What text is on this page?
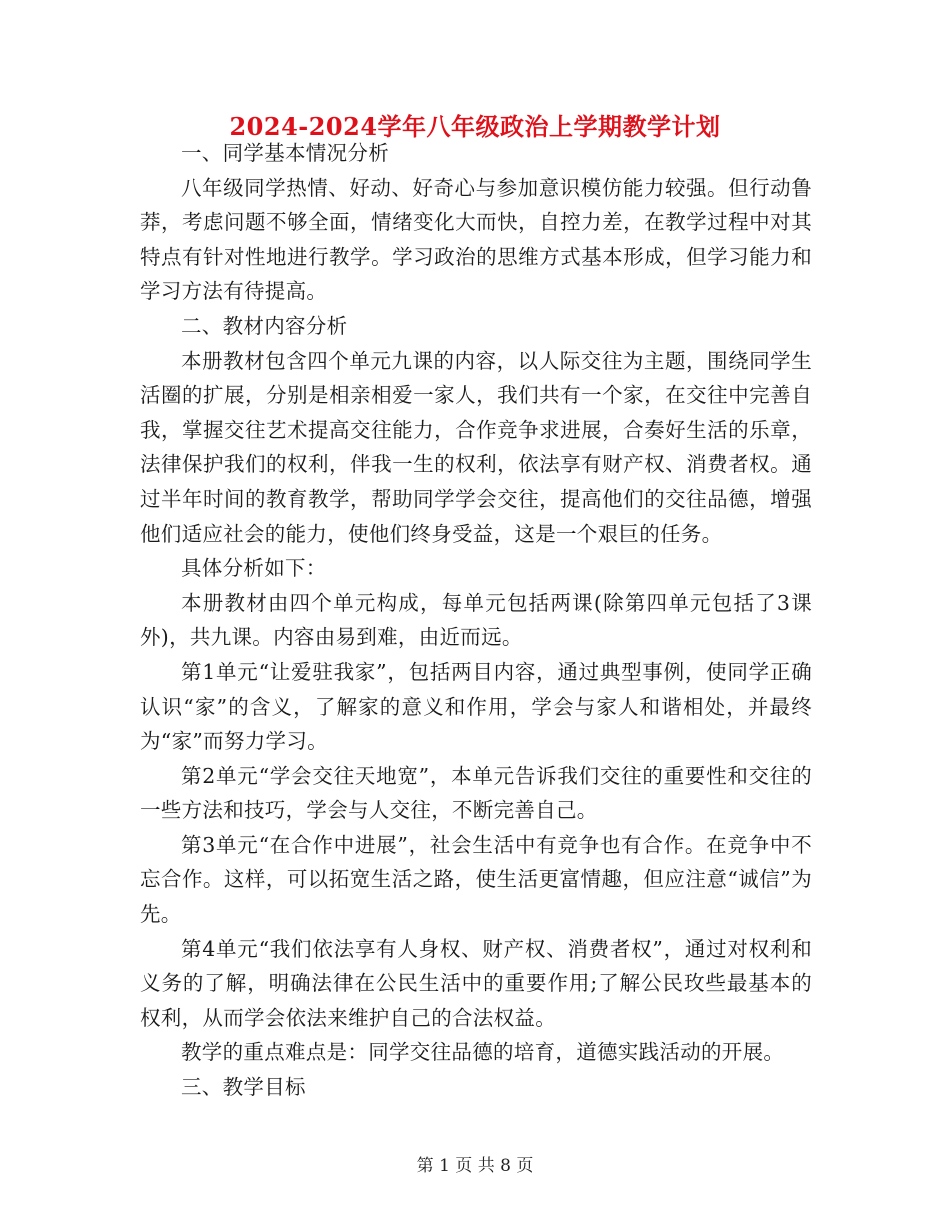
2024-2024学年八年级政治上学期教学计划

一、同学基本情况分析

八年级同学热情、好动、好奇心与参加意识模仿能力较强。但行动鲁莽，考虑问题不够全面，情绪变化大而快，自控力差，在教学过程中对其特点有针对性地进行教学。学习政治的思维方式基本形成，但学习能力和学习方法有待提高。

二、教材内容分析

本册教材包含四个单元九课的内容，以人际交往为主题，围绕同学生活圈的扩展，分别是相亲相爱一家人，我们共有一个家，在交往中完善自我，掌握交往艺术提高交往能力，合作竞争求进展，合奏好生活的乐章，法律保护我们的权利，伴我一生的权利，依法享有财产权、消费者权。通过半年时间的教育教学，帮助同学学会交往，提高他们的交往品德，增强他们适应社会的能力，使他们终身受益，这是一个艰巨的任务。

具体分析如下：

本册教材由四个单元构成，每单元包括两课(除第四单元包括了3课外)，共九课。内容由易到难，由近而远。

第1单元“让爱驻我家”，包括两目内容，通过典型事例，使同学正确认识“家”的含义，了解家的意义和作用，学会与家人和谐相处，并最终为“家”而努力学习。

第2单元“学会交往天地宽”，本单元告诉我们交往的重要性和交往的一些方法和技巧，学会与人交往，不断完善自己。

第3单元“在合作中进展”，社会生活中有竞争也有合作。在竞争中不忘合作。这样，可以拓宽生活之路，使生活更富情趣，但应注意“诚信”为先。

第4单元“我们依法享有人身权、财产权、消费者权”，通过对权利和义务的了解，明确法律在公民生活中的重要作用;了解公民玫些最基本的权利，从而学会依法来维护自己的合法权益。

教学的重点难点是：同学交往品德的培育，道德实践活动的开展。

三、教学目标

第 1 页 共 8 页
